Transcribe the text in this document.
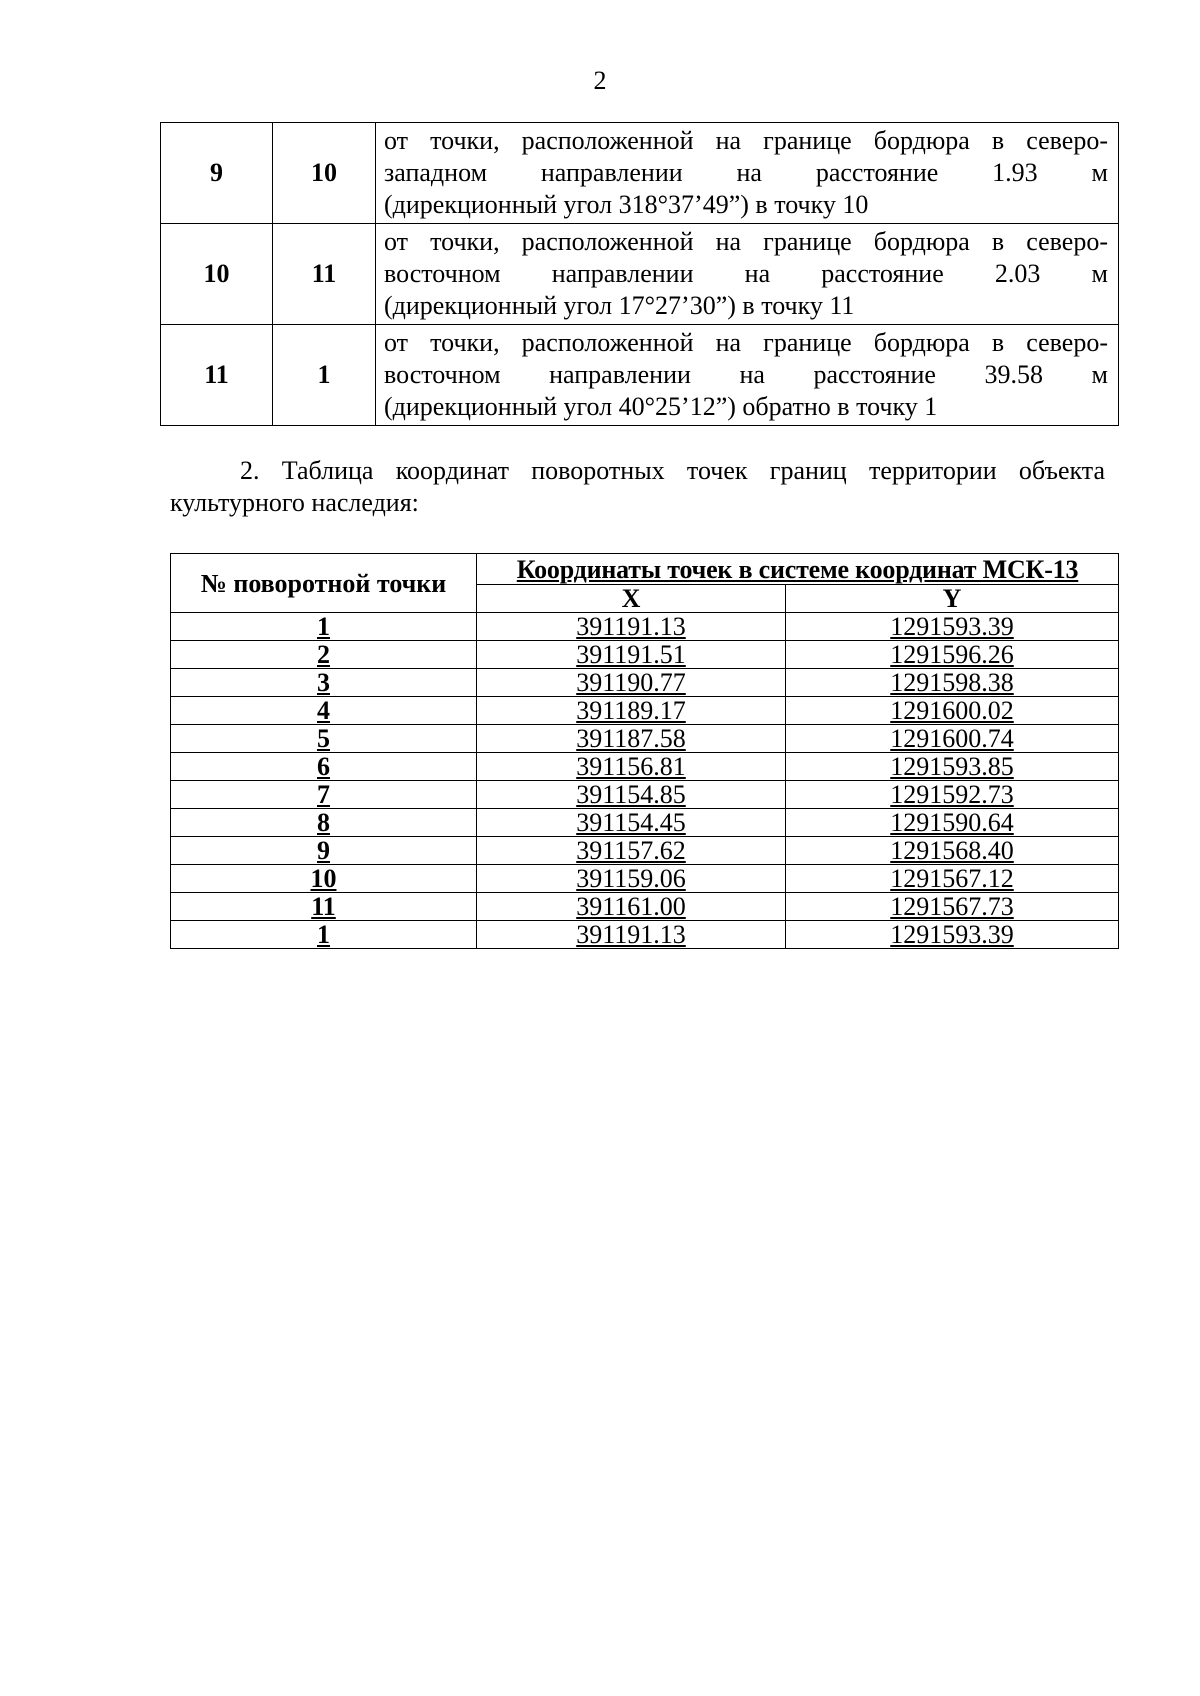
2
9	10	от точки, расположенной на границе бордюра в северо-
западном направлении на расстояние 1.93 м
(дирекционный угол 318°37’49”) в точку 10

10	11	от точки, расположенной на границе бордюра в северо-
восточном направлении на расстояние 2.03 м
(дирекционный угол 17°27’30”) в точку 11

11	1	от точки, расположенной на границе бордюра в северо-
восточном направлении на расстояние 39.58 м
(дирекционный угол 40°25’12”) обратно в точку 1
2. Таблица координат поворотных точек границ территории объекта
культурного наследия:
№ поворотной точки	Координаты точек в системе координат МСК-13	
	X	Y
1	391191.13	1291593.39
2	391191.51	1291596.26
3	391190.77	1291598.38
4	391189.17	1291600.02
5	391187.58	1291600.74
6	391156.81	1291593.85
7	391154.85	1291592.73
8	391154.45	1291590.64
9	391157.62	1291568.40
10	391159.06	1291567.12
11	391161.00	1291567.73
1	391191.13	1291593.39
